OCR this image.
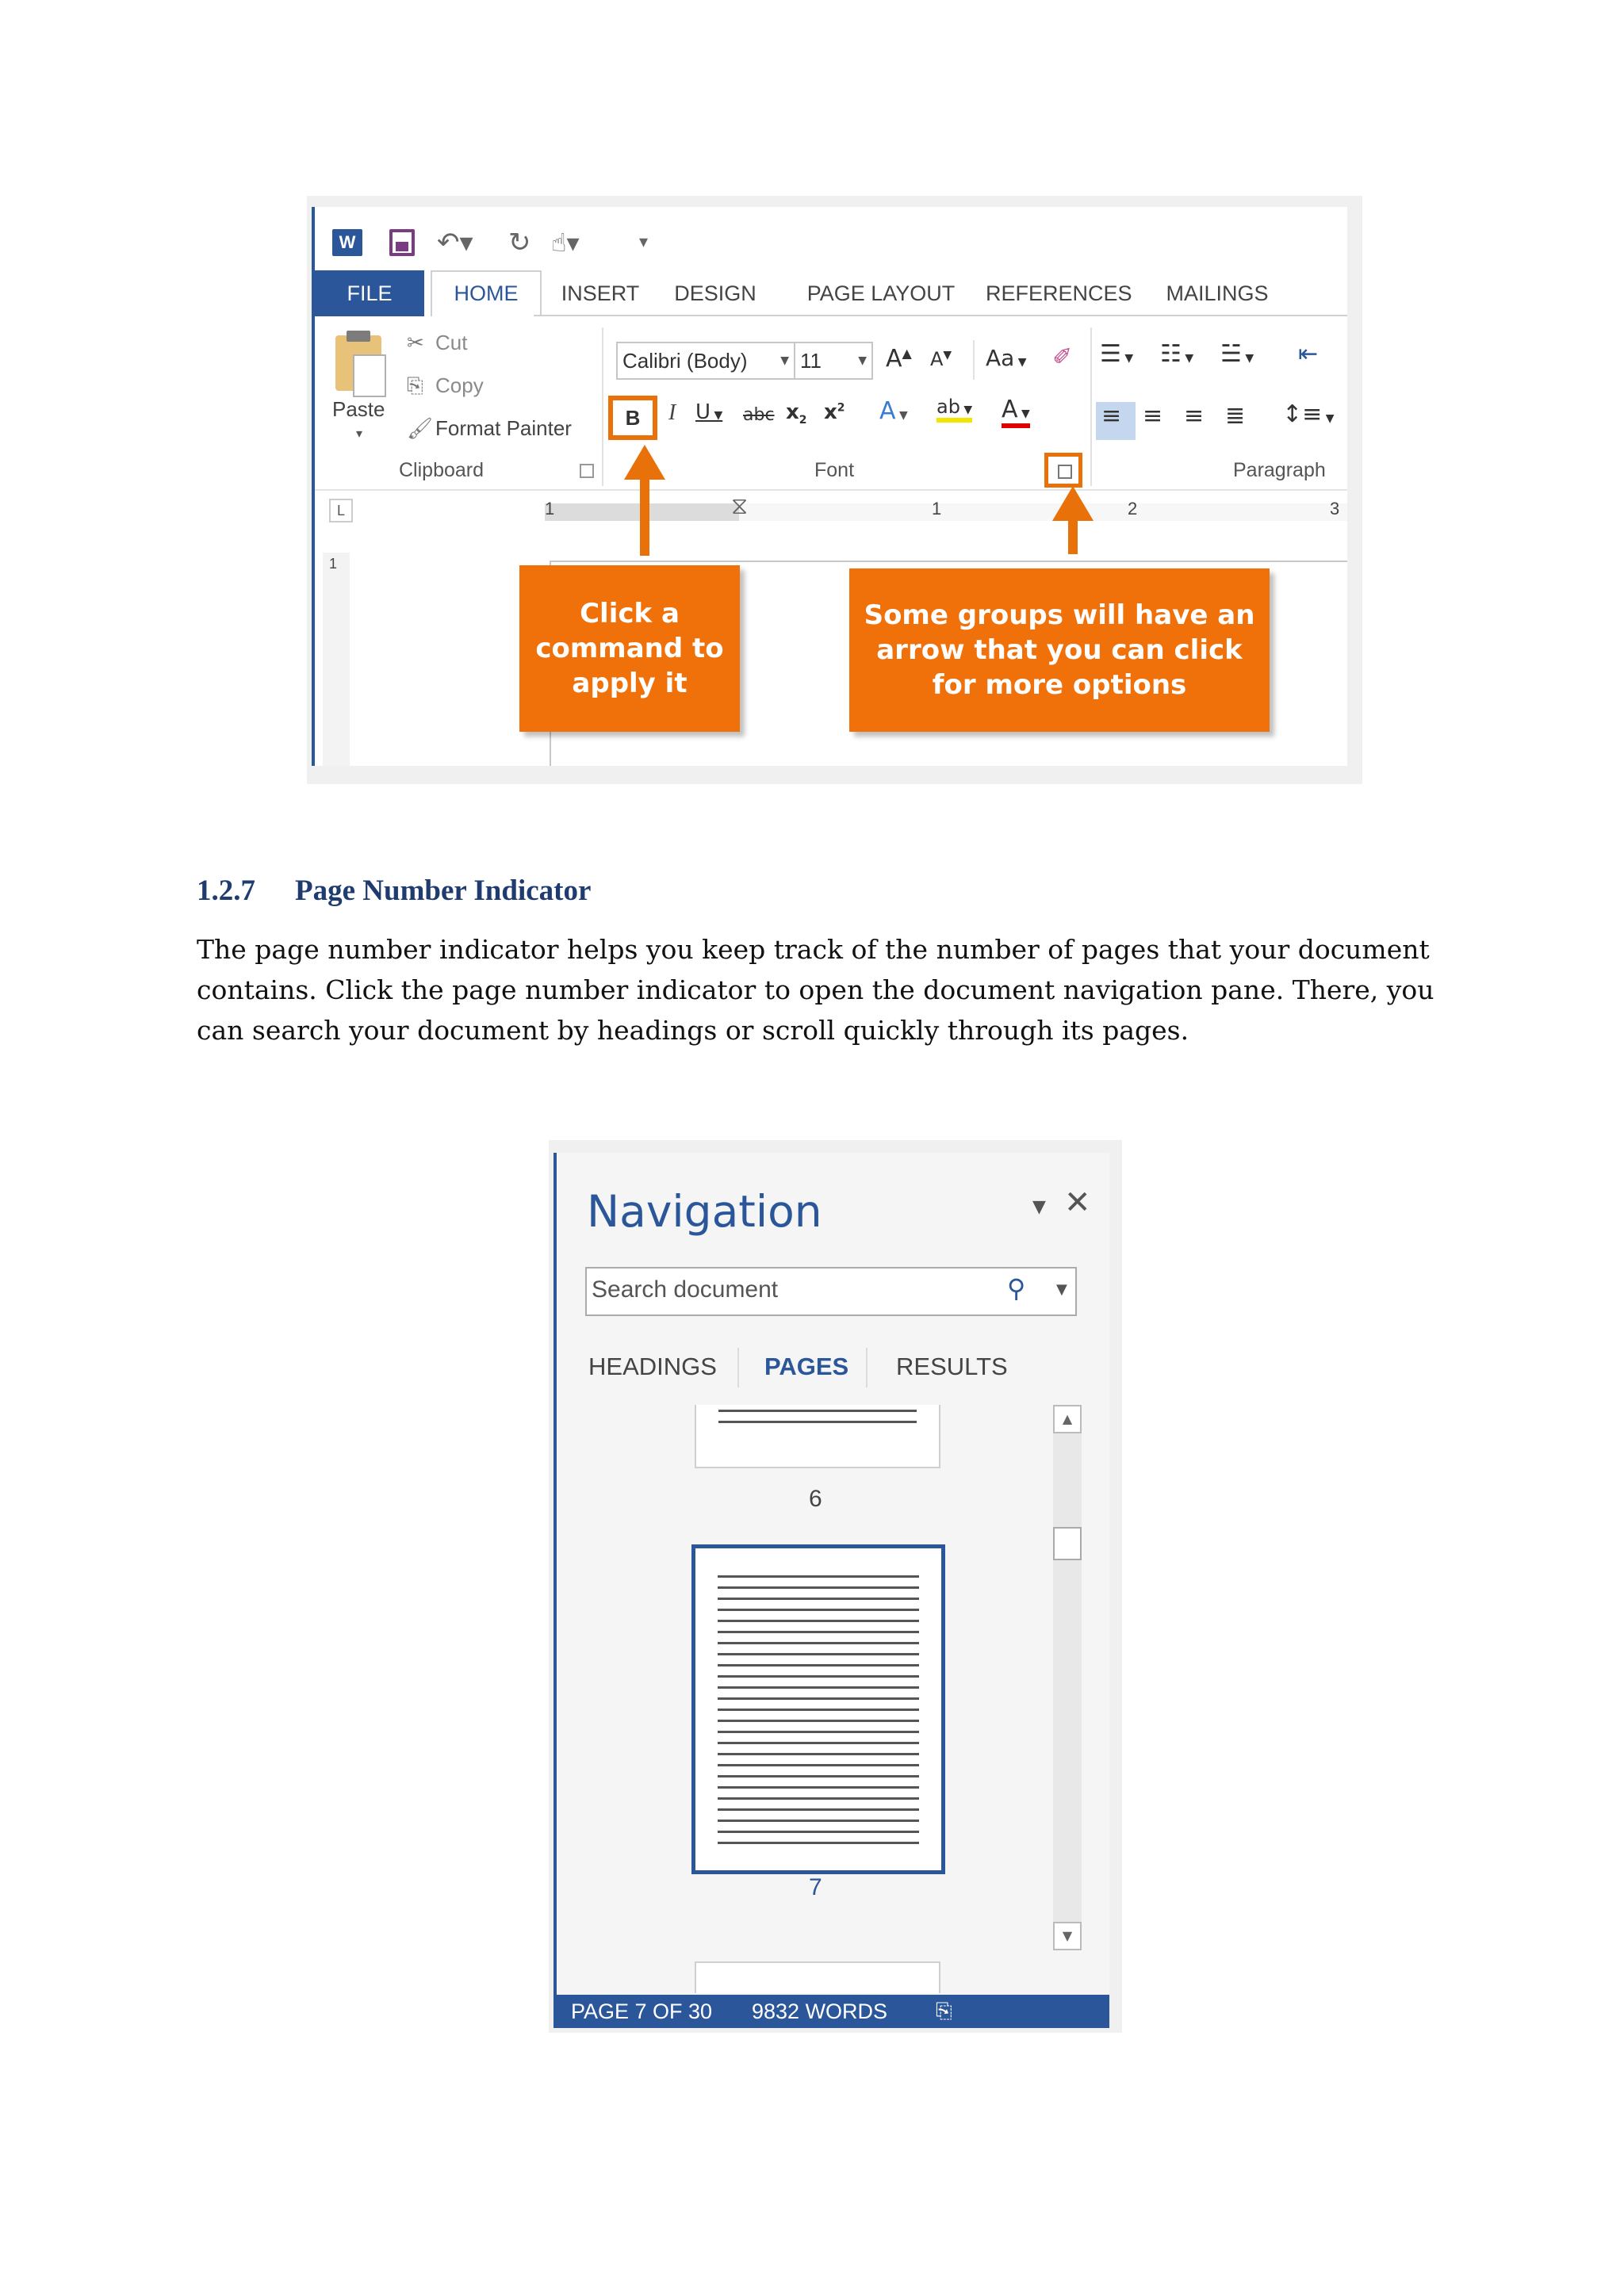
W	↶▾ ↻ ☝▾	▾
FILE	HOME	INSERT	DESIGN	PAGE LAYOUT REFERENCES	MAILINGS
Paste
▾
✂ Cut
⎘ Copy
🖌 Format Painter
Clipboard
Calibri (Body)	▼ 11	▼ A▲ A▼ Aa ▼ ✐
B	I U ▼ abc $x_2$ $x^2$ A ▼ ab ▼ A ▼
Font
☰ ▼ ☷ ▼ ☱ ▼ ⇤
≡ ≡ ≡ ≣ ↕≡ ▼
Paragraph
L	1	⧖	1	2	3
1
Click a command to apply it
Some groups will have an arrow that you can click for more options
1.2.7 Page Number Indicator
The page number indicator helps you keep track of the number of pages that your document contains. Click the page number indicator to open the document navigation pane. There, you can search your document by headings or scroll quickly through its pages.
Navigation	▼ ✕
Search document	⚲ ▼
HEADINGS PAGES RESULTS
6
7
▲
▼
PAGE 7 OF 30 9832 WORDS ⎘
